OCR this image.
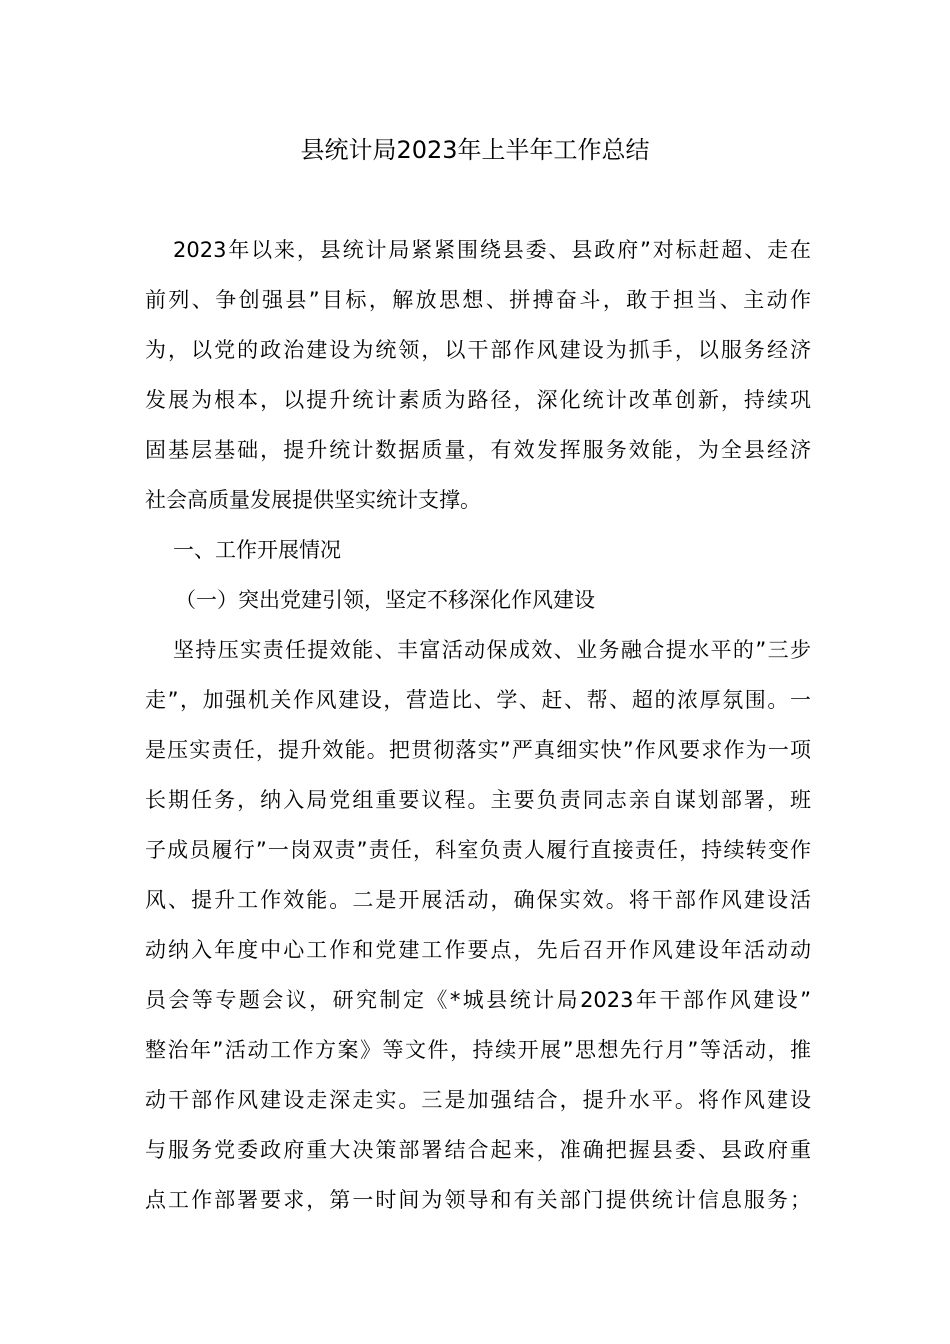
县统计局2023年上半年工作总结
2023年以来，县统计局紧紧围绕县委、县政府”对标赶超、走在
前列、争创强县”目标，解放思想、拼搏奋斗，敢于担当、主动作
为，以党的政治建设为统领，以干部作风建设为抓手，以服务经济
发展为根本，以提升统计素质为路径，深化统计改革创新，持续巩
固基层基础，提升统计数据质量，有效发挥服务效能，为全县经济
社会高质量发展提供坚实统计支撑。
一、工作开展情况
（一）突出党建引领，坚定不移深化作风建设
坚持压实责任提效能、丰富活动保成效、业务融合提水平的”三步
走”，加强机关作风建设，营造比、学、赶、帮、超的浓厚氛围。一
是压实责任，提升效能。把贯彻落实”严真细实快”作风要求作为一项
长期任务，纳入局党组重要议程。主要负责同志亲自谋划部署，班
子成员履行”一岗双责”责任，科室负责人履行直接责任，持续转变作
风、提升工作效能。二是开展活动，确保实效。将干部作风建设活
动纳入年度中心工作和党建工作要点，先后召开作风建设年活动动
员会等专题会议，研究制定《*城县统计局2023年干部作风建设”
整治年”活动工作方案》等文件，持续开展”思想先行月”等活动，推
动干部作风建设走深走实。三是加强结合，提升水平。将作风建设
与服务党委政府重大决策部署结合起来，准确把握县委、县政府重
点工作部署要求，第一时间为领导和有关部门提供统计信息服务；
